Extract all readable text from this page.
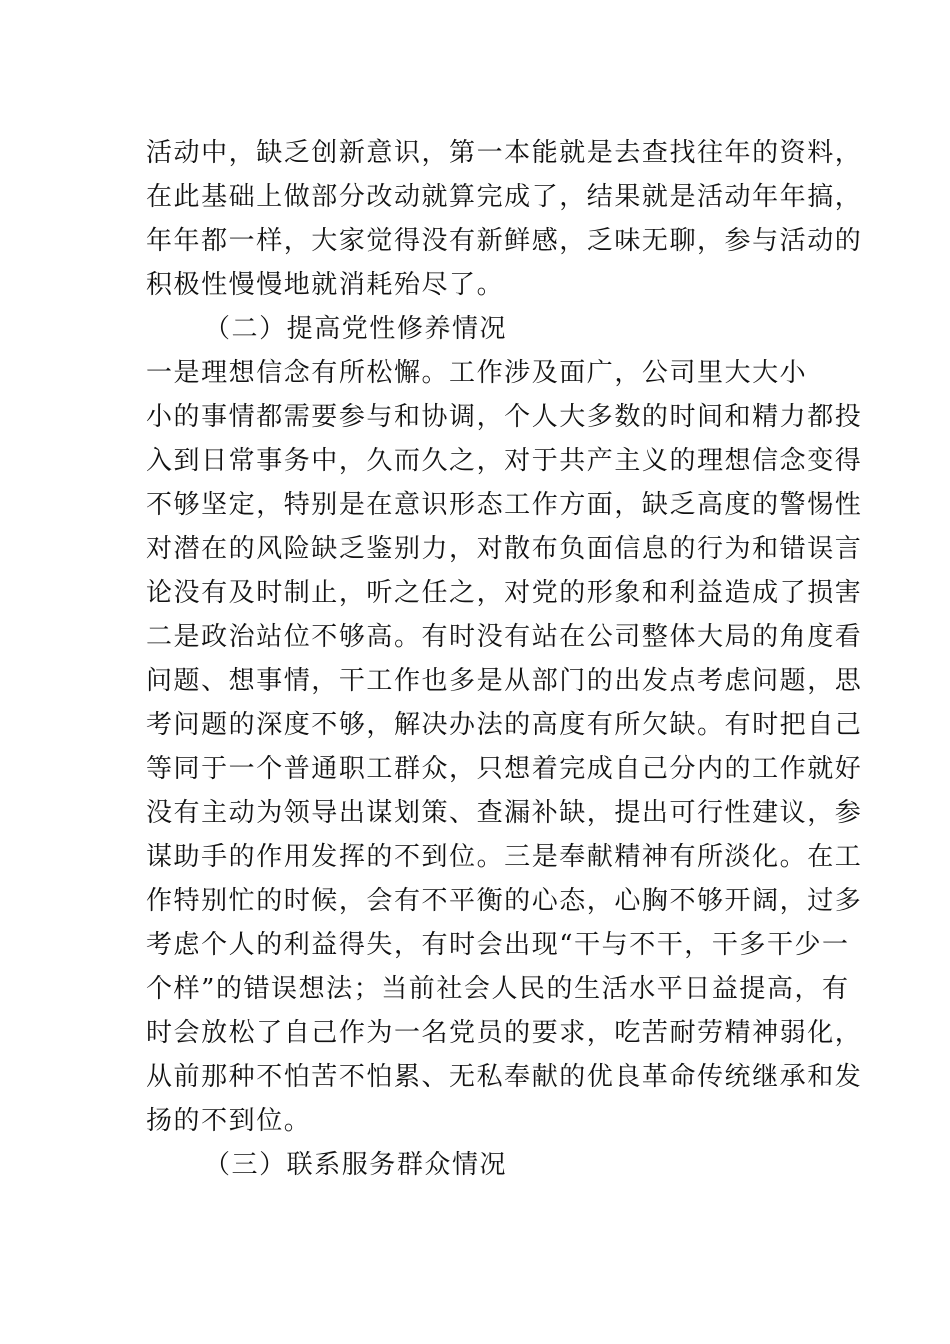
活动中，缺乏创新意识，第一本能就是去查找往年的资料，
在此基础上做部分改动就算完成了，结果就是活动年年搞，
年年都一样，大家觉得没有新鲜感，乏味无聊，参与活动的
积极性慢慢地就消耗殆尽了。
（二）提高党性修养情况
一是理想信念有所松懈。工作涉及面广，公司里大大小
小的事情都需要参与和协调，个人大多数的时间和精力都投
入到日常事务中，久而久之，对于共产主义的理想信念变得
不够坚定，特别是在意识形态工作方面，缺乏高度的警惕性
对潜在的风险缺乏鉴别力，对散布负面信息的行为和错误言
论没有及时制止，听之任之，对党的形象和利益造成了损害
二是政治站位不够高。有时没有站在公司整体大局的角度看
问题、想事情，干工作也多是从部门的出发点考虑问题，思
考问题的深度不够，解决办法的高度有所欠缺。有时把自己
等同于一个普通职工群众，只想着完成自己分内的工作就好
没有主动为领导出谋划策、查漏补缺，提出可行性建议，参
谋助手的作用发挥的不到位。三是奉献精神有所淡化。在工
作特别忙的时候，会有不平衡的心态，心胸不够开阔，过多
考虑个人的利益得失，有时会出现“干与不干，干多干少一
个样”的错误想法；当前社会人民的生活水平日益提高，有
时会放松了自己作为一名党员的要求，吃苦耐劳精神弱化，
从前那种不怕苦不怕累、无私奉献的优良革命传统继承和发
扬的不到位。
（三）联系服务群众情况
